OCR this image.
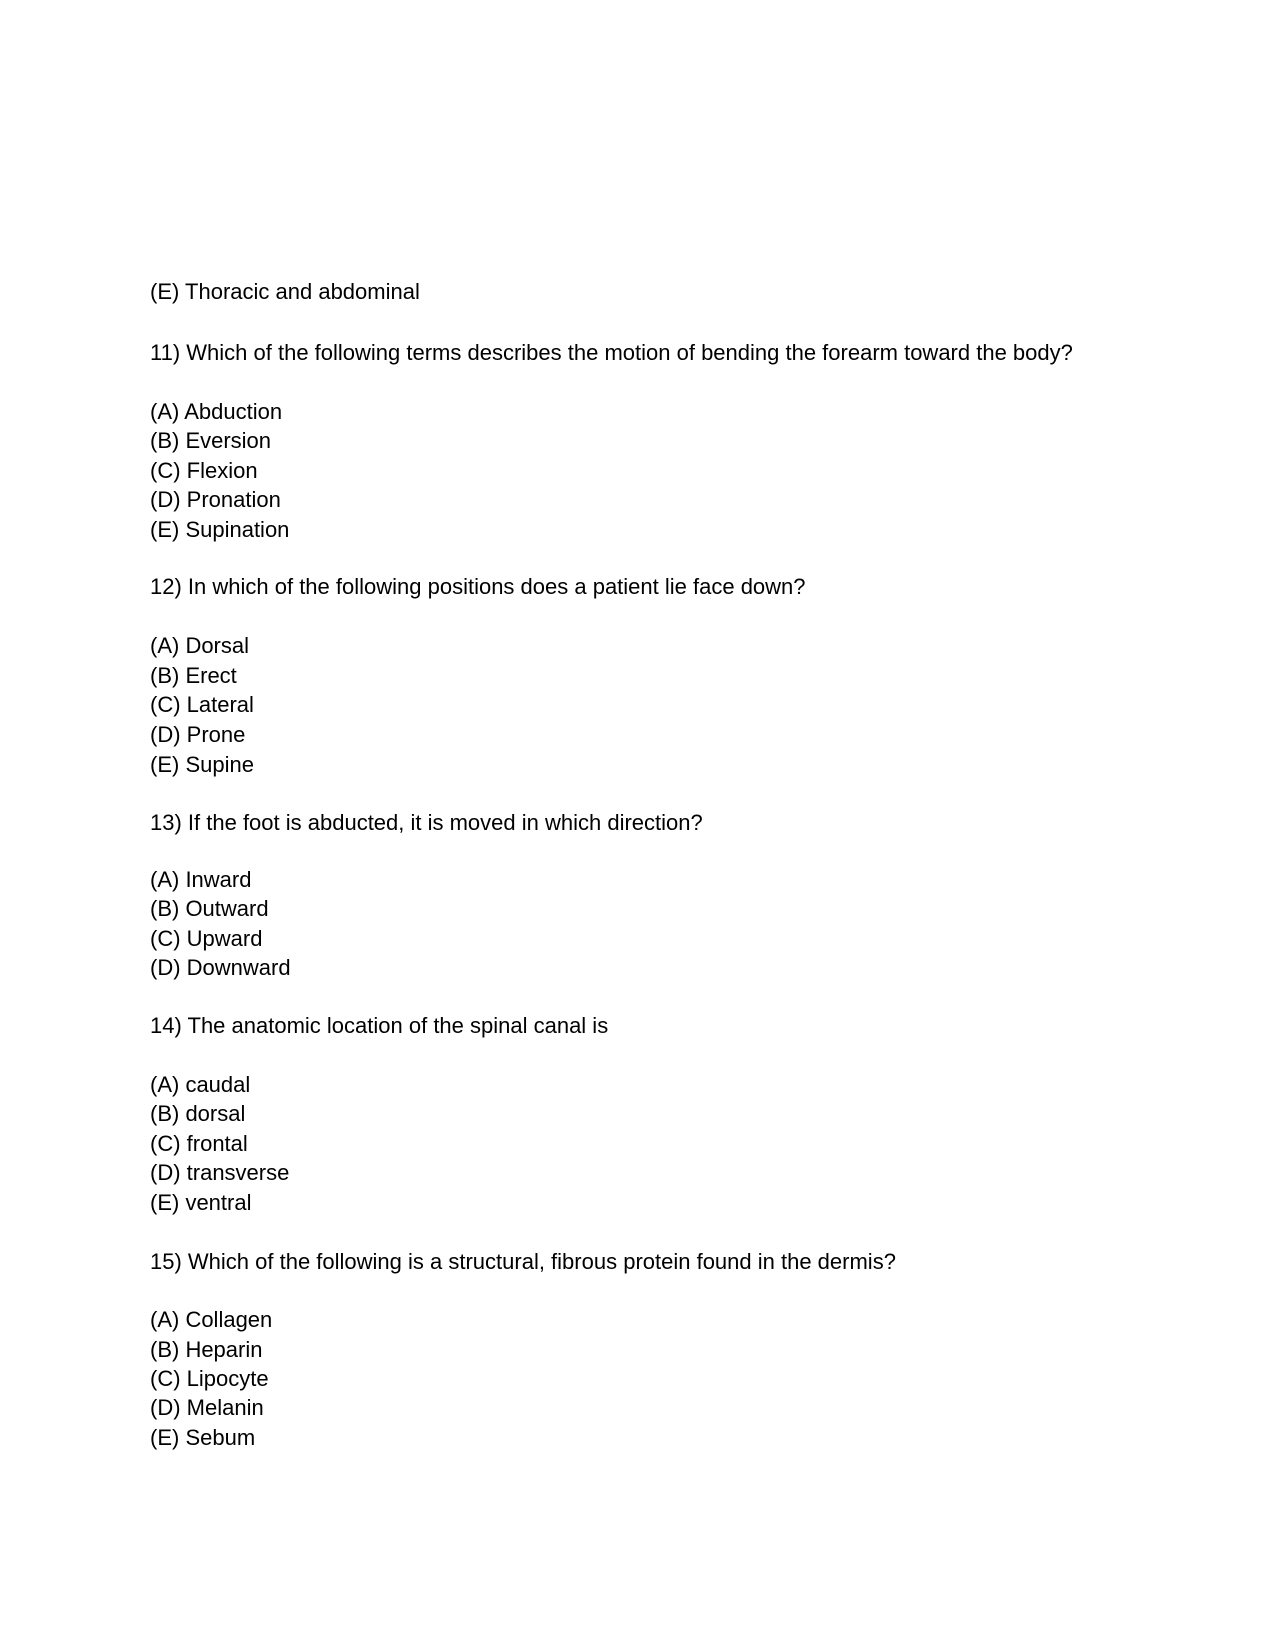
(E) Thoracic and abdominal
11) Which of the following terms describes the motion of bending the forearm toward the body?
(A) Abduction
(B) Eversion
(C) Flexion
(D) Pronation
(E) Supination
12) In which of the following positions does a patient lie face down?
(A) Dorsal
(B) Erect
(C) Lateral
(D) Prone
(E) Supine
13) If the foot is abducted, it is moved in which direction?
(A) Inward
(B) Outward
(C) Upward
(D) Downward
14) The anatomic location of the spinal canal is
(A) caudal
(B) dorsal
(C) frontal
(D) transverse
(E) ventral
15) Which of the following is a structural, fibrous protein found in the dermis?
(A) Collagen
(B) Heparin
(C) Lipocyte
(D) Melanin
(E) Sebum
